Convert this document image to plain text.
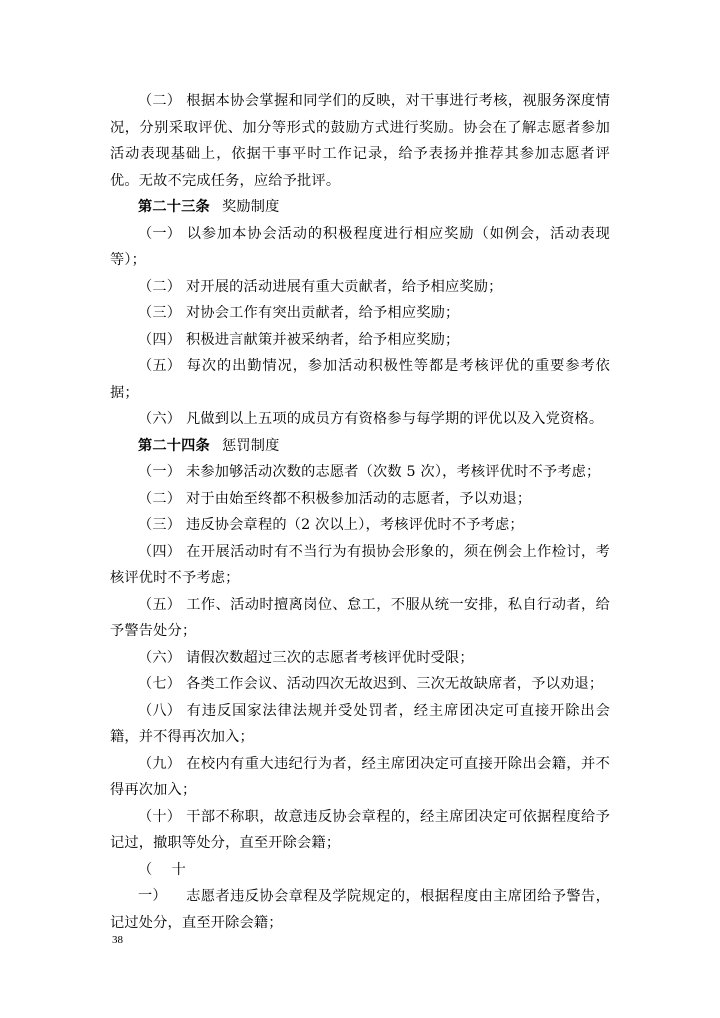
（二） 根据本协会掌握和同学们的反映，对干事进行考核，视服务深度情况，分别采取评优、加分等形式的鼓励方式进行奖励。协会在了解志愿者参加活动表现基础上，依据干事平时工作记录，给予表扬并推荐其参加志愿者评优。无故不完成任务，应给予批评。

第二十三条 奖励制度

（一） 以参加本协会活动的积极程度进行相应奖励（如例会，活动表现等）；

（二） 对开展的活动进展有重大贡献者，给予相应奖励；

（三） 对协会工作有突出贡献者，给予相应奖励；

（四） 积极进言献策并被采纳者，给予相应奖励；

（五） 每次的出勤情况，参加活动积极性等都是考核评优的重要参考依据；

（六） 凡做到以上五项的成员方有资格参与每学期的评优以及入党资格。

第二十四条 惩罚制度

（一） 未参加够活动次数的志愿者（次数 5 次），考核评优时不予考虑；

（二） 对于由始至终都不积极参加活动的志愿者，予以劝退；

（三） 违反协会章程的（2 次以上），考核评优时不予考虑；

（四） 在开展活动时有不当行为有损协会形象的，须在例会上作检讨，考核评优时不予考虑；

（五） 工作、活动时擅离岗位、怠工，不服从统一安排，私自行动者，给予警告处分；

（六） 请假次数超过三次的志愿者考核评优时受限；

（七） 各类工作会议、活动四次无故迟到、三次无故缺席者，予以劝退；

（八） 有违反国家法律法规并受处罚者，经主席团决定可直接开除出会籍，并不得再次加入；

（九） 在校内有重大违纪行为者，经主席团决定可直接开除出会籍，并不得再次加入；

（十） 干部不称职，故意违反协会章程的，经主席团决定可依据程度给予记过，撤职等处分，直至开除会籍；

（十一） 志愿者违反协会章程及学院规定的，根据程度由主席团给予警告，记过处分，直至开除会籍；

38
